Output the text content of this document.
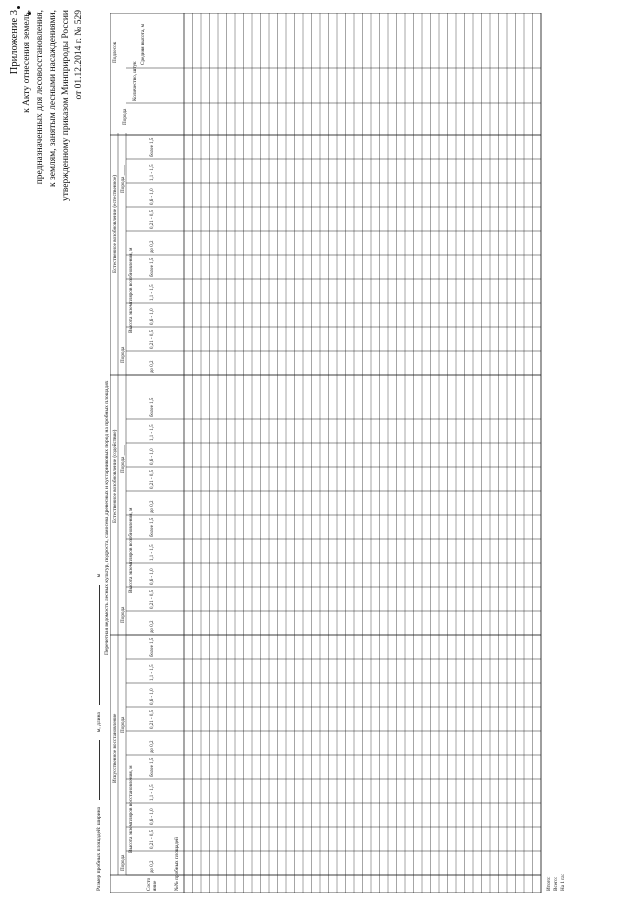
Приложение 3 к Акту отнесения земель, предназначенных для лесовосстановления, к землям, занятым лесными насаждениями, утвержденному приказом Минприроды России от 01.12.2014 г. № 529
Размер пробных площадей: ширина  м, длина  м Перечетная ведомость лесных культур, подроста, самосева древесных и кустарниковых пород на пробных площадях
№№ пробных площадей
Состо яние
Искусственное восстановление
Естественное возобновление (содействие)
Естественное возобновление (естественное)
Подлесок
Порода
Порода
Порода
Порода ____
Порода
Порода ____
Высота экземпляров восстановления, м
Высота экземпляров возобновления, м
Высота экземпляров возобновления, м
до 0,2
0,21 - 0,5
0,6 - 1,0
1,1 - 1,5
более 1,5
до 0,2
0,21 - 0,5
0,6 - 1,0
1,1 - 1,5
более 1,5
до 0,2
0,21 - 0,5
0,6 - 1,0
1,1 - 1,5
более 1,5
до 0,2
0,21 - 0,5
0,6 - 1,0
1,1 - 1,5
более 1,5
до 0,2
0,21 - 0,5
0,6 - 1,0
1,1 - 1,5
более 1,5
до 0,2
0,21 - 0,5
0,6 - 1,0
1,1 - 1,5
более 1,5
Порода
Количество, штук
Средняя высота, м
Итого: Всего: На 1 га:
